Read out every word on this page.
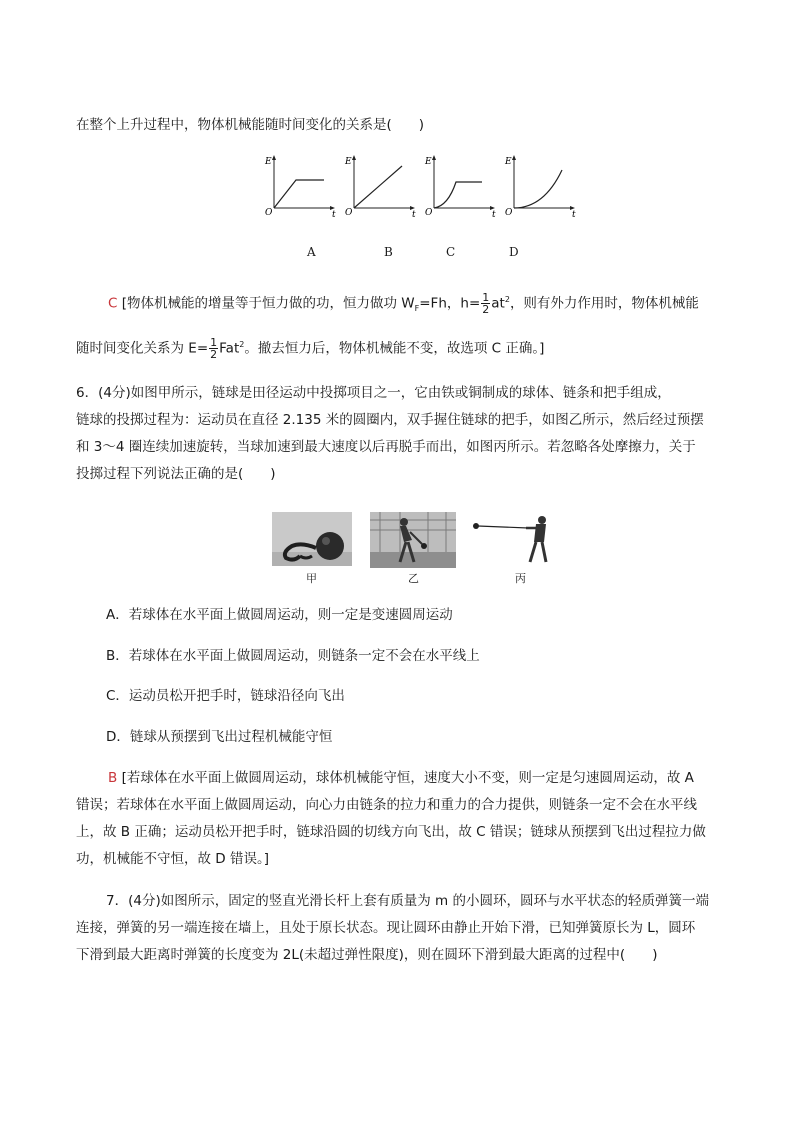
在整个上升过程中，物体机械能随时间变化的关系是(　　)
E
O	t
E
O	t
E
O	t
E
O	t
A	B	C	D
C [物体机械能的增量等于恒力做的功，恒力做功 $W_F=Fh$，$h= \frac{1}{2} at^2$，则有外力作用时，物体机械能
随时间变化关系为 $E= \frac{1}{2} Fat^2$。撤去恒力后，物体机械能不变，故选项 C 正确。]
6．(4分)如图甲所示，链球是田径运动中投掷项目之一，它由铁或铜制成的球体、链条和把手组成，
链球的投掷过程为：运动员在直径 2.135 米的圆圈内，双手握住链球的把手，如图乙所示，然后经过预摆
和 3～4 圈连续加速旋转，当球加速到最大速度以后再脱手而出，如图丙所示。若忽略各处摩擦力，关于
投掷过程下列说法正确的是(　　)
甲	乙	丙
A．若球体在水平面上做圆周运动，则一定是变速圆周运动
B．若球体在水平面上做圆周运动，则链条一定不会在水平线上
C．运动员松开把手时，链球沿径向飞出
D．链球从预摆到飞出过程机械能守恒
B [若球体在水平面上做圆周运动，球体机械能守恒，速度大小不变，则一定是匀速圆周运动，故 A
错误；若球体在水平面上做圆周运动，向心力由链条的拉力和重力的合力提供，则链条一定不会在水平线
上，故 B 正确；运动员松开把手时，链球沿圆的切线方向飞出，故 C 错误；链球从预摆到飞出过程拉力做
功，机械能不守恒，故 D 错误。]
7．(4分)如图所示，固定的竖直光滑长杆上套有质量为 m 的小圆环，圆环与水平状态的轻质弹簧一端
连接，弹簧的另一端连接在墙上，且处于原长状态。现让圆环由静止开始下滑，已知弹簧原长为 L，圆环
下滑到最大距离时弹簧的长度变为 2L(未超过弹性限度)，则在圆环下滑到最大距离的过程中(　　)
